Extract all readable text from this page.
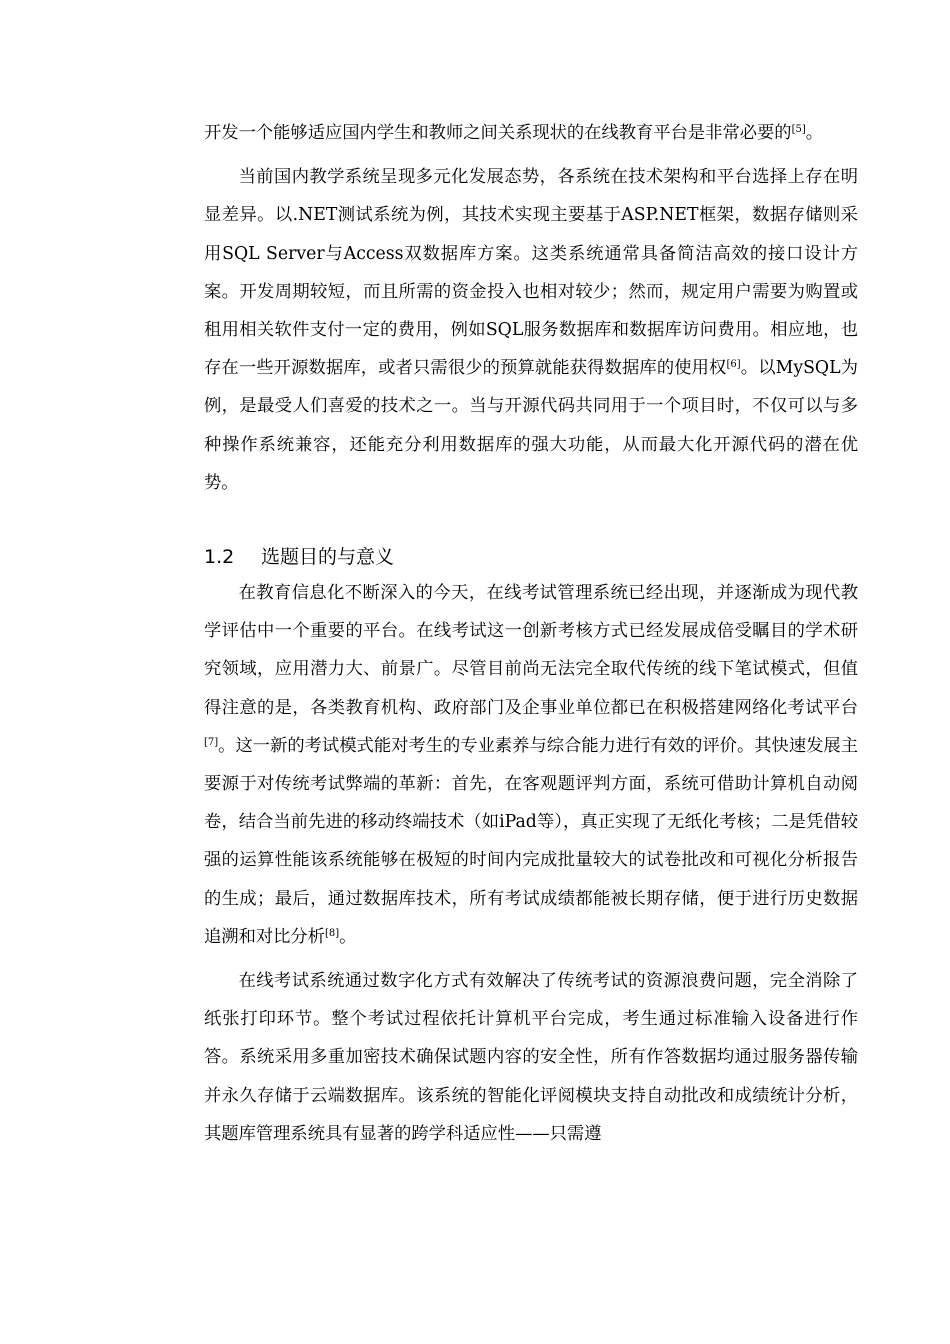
开发一个能够适应国内学生和教师之间关系现状的在线教育平台是非常必要的[5]。

当前国内教学系统呈现多元化发展态势，各系统在技术架构和平台选择上存在明显差异。以.NET测试系统为例，其技术实现主要基于ASP.NET框架，数据存储则采用SQL Server与Access双数据库方案。这类系统通常具备简洁高效的接口设计方案。开发周期较短，而且所需的资金投入也相对较少；然而，规定用户需要为购置或租用相关软件支付一定的费用，例如SQL服务数据库和数据库访问费用。相应地，也存在一些开源数据库，或者只需很少的预算就能获得数据库的使用权[6]。以MySQL为例，是最受人们喜爱的技术之一。当与开源代码共同用于一个项目时，不仅可以与多种操作系统兼容，还能充分利用数据库的强大功能，从而最大化开源代码的潜在优势。

1.2	选题目的与意义

在教育信息化不断深入的今天，在线考试管理系统已经出现，并逐渐成为现代教学评估中一个重要的平台。在线考试这一创新考核方式已经发展成倍受瞩目的学术研究领域，应用潜力大、前景广。尽管目前尚无法完全取代传统的线下笔试模式，但值得注意的是，各类教育机构、政府部门及企事业单位都已在积极搭建网络化考试平台[7]。这一新的考试模式能对考生的专业素养与综合能力进行有效的评价。其快速发展主要源于对传统考试弊端的革新：首先，在客观题评判方面，系统可借助计算机自动阅卷，结合当前先进的移动终端技术（如iPad等），真正实现了无纸化考核；二是凭借较强的运算性能该系统能够在极短的时间内完成批量较大的试卷批改和可视化分析报告的生成；最后，通过数据库技术，所有考试成绩都能被长期存储，便于进行历史数据追溯和对比分析[8]。

在线考试系统通过数字化方式有效解决了传统考试的资源浪费问题，完全消除了纸张打印环节。整个考试过程依托计算机平台完成，考生通过标准输入设备进行作答。系统采用多重加密技术确保试题内容的安全性，所有作答数据均通过服务器传输并永久存储于云端数据库。该系统的智能化评阅模块支持自动批改和成绩统计分析，其题库管理系统具有显著的跨学科适应性——只需遵
